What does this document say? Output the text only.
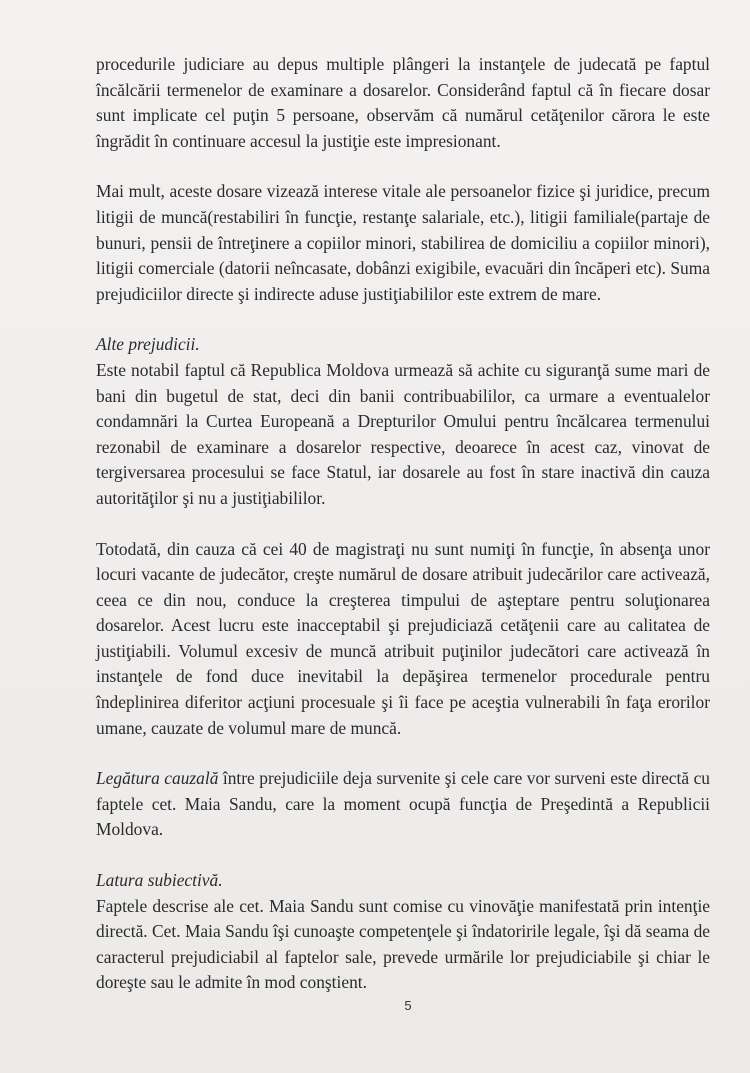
procedurile judiciare au depus multiple plângeri la instanţele de judecată pe faptul încălcării termenelor de examinare a dosarelor. Considerând faptul că în fiecare dosar sunt implicate cel puţin 5 persoane, observăm că numărul cetăţenilor cărora le este îngrădit în continuare accesul la justiţie este impresionant.

Mai mult, aceste dosare vizează interese vitale ale persoanelor fizice şi juridice, precum litigii de muncă(restabiliri în funcţie, restanţe salariale, etc.), litigii familiale(partaje de bunuri, pensii de întreţinere a copiilor minori, stabilirea de domiciliu a copiilor minori), litigii comerciale (datorii neîncasate, dobânzi exigibile, evacuări din încăperi etc). Suma prejudiciilor directe şi indirecte aduse justiţiabililor este extrem de mare.

Alte prejudicii.

Este notabil faptul că Republica Moldova urmează să achite cu siguranţă sume mari de bani din bugetul de stat, deci din banii contribuabililor, ca urmare a eventualelor condamnări la Curtea Europeană a Drepturilor Omului pentru încălcarea termenului rezonabil de examinare a dosarelor respective, deoarece în acest caz, vinovat de tergiversarea procesului se face Statul, iar dosarele au fost în stare inactivă din cauza autorităţilor şi nu a justiţiabililor.

Totodată, din cauza că cei 40 de magistraţi nu sunt numiţi în funcţie, în absenţa unor locuri vacante de judecător, creşte numărul de dosare atribuit judecărilor care activează, ceea ce din nou, conduce la creşterea timpului de aşteptare pentru soluţionarea dosarelor. Acest lucru este inacceptabil şi prejudiciază cetăţenii care au calitatea de justiţiabili. Volumul excesiv de muncă atribuit puţinilor judecători care activează în instanţele de fond duce inevitabil la depăşirea termenelor procedurale pentru îndeplinirea diferitor acţiuni procesuale şi îi face pe aceştia vulnerabili în faţa erorilor umane, cauzate de volumul mare de muncă.

Legătura cauzală între prejudiciile deja survenite şi cele care vor surveni este directă cu faptele cet. Maia Sandu, care la moment ocupă funcţia de Preşedintă a Republicii Moldova.

Latura subiectivă.

Faptele descrise ale cet. Maia Sandu sunt comise cu vinovăţie manifestată prin intenţie directă. Cet. Maia Sandu îşi cunoaşte competenţele şi îndatoririle legale, îşi dă seama de caracterul prejudiciabil al faptelor sale, prevede urmările lor prejudiciabile şi chiar le doreşte sau le admite în mod conştient.

5
